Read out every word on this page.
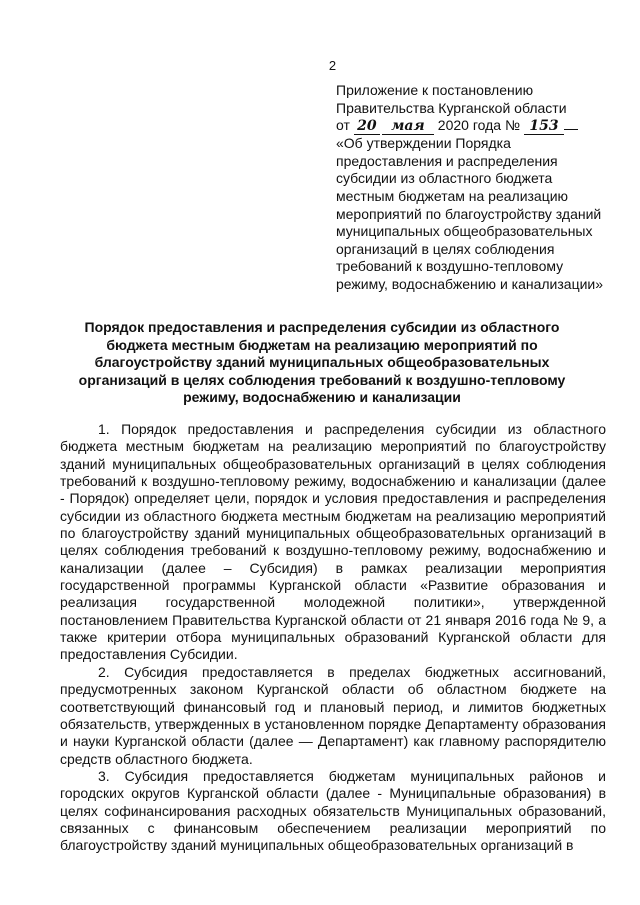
2
Приложение к постановлению
Правительства Курганской области
от 20 мая 2020 года № 153
«Об утверждении Порядка предоставления и распределения субсидии из областного бюджета местным бюджетам на реализацию мероприятий по благоустройству зданий муниципальных общеобразовательных организаций в целях соблюдения требований к воздушно-тепловому режиму, водоснабжению и канализации»
Порядок предоставления и распределения субсидии из областного бюджета местным бюджетам на реализацию мероприятий по благоустройству зданий муниципальных общеобразовательных организаций в целях соблюдения требований к воздушно-тепловому режиму, водоснабжению и канализации

1. Порядок предоставления и распределения субсидии из областного бюджета местным бюджетам на реализацию мероприятий по благоустройству зданий муниципальных общеобразовательных организаций в целях соблюдения требований к воздушно-тепловому режиму, водоснабжению и канализации (далее - Порядок) определяет цели, порядок и условия предоставления и распределения субсидии из областного бюджета местным бюджетам на реализацию мероприятий по благоустройству зданий муниципальных общеобразовательных организаций в целях соблюдения требований к воздушно-тепловому режиму, водоснабжению и канализации (далее – Субсидия) в рамках реализации мероприятия государственной программы Курганской области «Развитие образования и реализация государственной молодежной политики», утвержденной постановлением Правительства Курганской области от 21 января 2016 года № 9, а также критерии отбора муниципальных образований Курганской области для предоставления Субсидии.

2. Субсидия предоставляется в пределах бюджетных ассигнований, предусмотренных законом Курганской области об областном бюджете на соответствующий финансовый год и плановый период, и лимитов бюджетных обязательств, утвержденных в установленном порядке Департаменту образования и науки Курганской области (далее — Департамент) как главному распорядителю средств областного бюджета.

3. Субсидия предоставляется бюджетам муниципальных районов и городских округов Курганской области (далее - Муниципальные образования) в целях софинансирования расходных обязательств Муниципальных образований, связанных с финансовым обеспечением реализации мероприятий по благоустройству зданий муниципальных общеобразовательных организаций в
